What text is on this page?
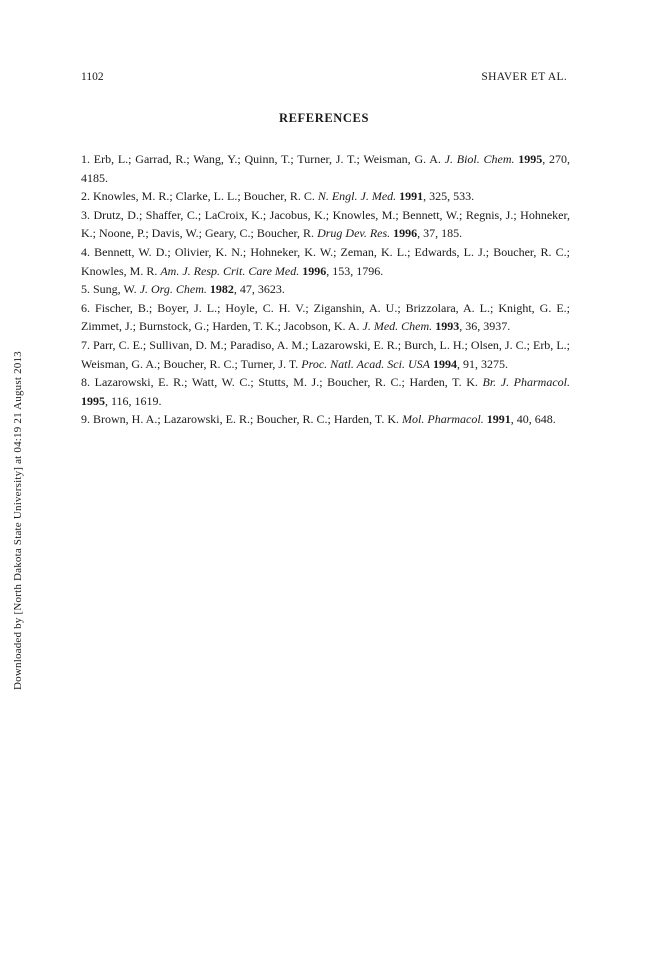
1102	SHAVER ET AL.
REFERENCES

1. Erb, L.; Garrad, R.; Wang, Y.; Quinn, T.; Turner, J. T.; Weisman, G. A. J. Biol. Chem. 1995, 270, 4185.

2. Knowles, M. R.; Clarke, L. L.; Boucher, R. C. N. Engl. J. Med. 1991, 325, 533.

3. Drutz, D.; Shaffer, C.; LaCroix, K.; Jacobus, K.; Knowles, M.; Bennett, W.; Regnis, J.; Hohneker, K.; Noone, P.; Davis, W.; Geary, C.; Boucher, R. Drug Dev. Res. 1996, 37, 185.

4. Bennett, W. D.; Olivier, K. N.; Hohneker, K. W.; Zeman, K. L.; Edwards, L. J.; Boucher, R. C.; Knowles, M. R. Am. J. Resp. Crit. Care Med. 1996, 153, 1796.

5. Sung, W. J. Org. Chem. 1982, 47, 3623.

6. Fischer, B.; Boyer, J. L.; Hoyle, C. H. V.; Ziganshin, A. U.; Brizzolara, A. L.; Knight, G. E.; Zimmet, J.; Burnstock, G.; Harden, T. K.; Jacobson, K. A. J. Med. Chem. 1993, 36, 3937.

7. Parr, C. E.; Sullivan, D. M.; Paradiso, A. M.; Lazarowski, E. R.; Burch, L. H.; Olsen, J. C.; Erb, L.; Weisman, G. A.; Boucher, R. C.; Turner, J. T. Proc. Natl. Acad. Sci. USA 1994, 91, 3275.

8. Lazarowski, E. R.; Watt, W. C.; Stutts, M. J.; Boucher, R. C.; Harden, T. K. Br. J. Pharmacol. 1995, 116, 1619.

9. Brown, H. A.; Lazarowski, E. R.; Boucher, R. C.; Harden, T. K. Mol. Pharmacol. 1991, 40, 648.

Downloaded by [North Dakota State University] at 04:19 21 August 2013
